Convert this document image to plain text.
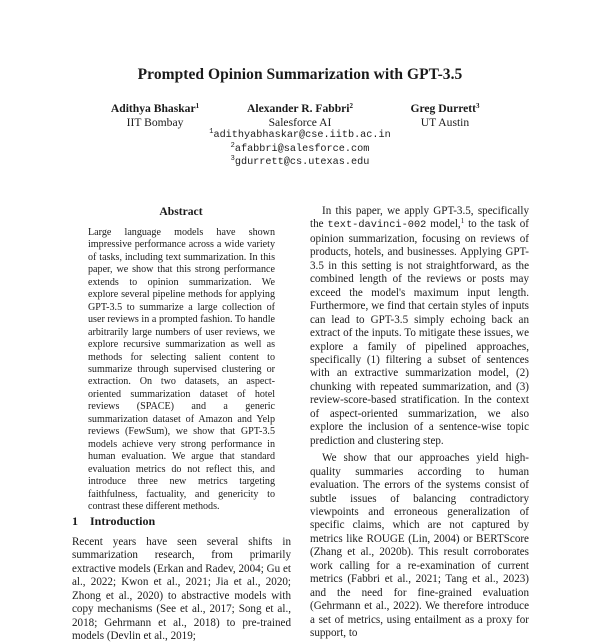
Prompted Opinion Summarization with GPT-3.5
Adithya Bhaskar$^1$
IIT Bombay
Alexander R. Fabbri$^2$
Salesforce AI
Greg Durrett$^3$
UT Austin
$^1$adithyabhaskar@cse.iitb.ac.in
$^2$afabbri@salesforce.com
$^3$gdurrett@cs.utexas.edu
Abstract
Large language models have shown impressive performance across a wide variety of tasks, including text summarization. In this paper, we show that this strong performance extends to opinion summarization. We explore several pipeline methods for applying GPT-3.5 to summarize a large collection of user reviews in a prompted fashion. To handle arbitrarily large numbers of user reviews, we explore recursive summarization as well as methods for selecting salient content to summarize through supervised clustering or extraction. On two datasets, an aspect-oriented summarization dataset of hotel reviews (SPACE) and a generic summarization dataset of Amazon and Yelp reviews (FewSum), we show that GPT-3.5 models achieve very strong performance in human evaluation. We argue that standard evaluation metrics do not reflect this, and introduce three new metrics targeting faithfulness, factuality, and genericity to contrast these different methods.
1 Introduction

Recent years have seen several shifts in summarization research, from primarily extractive models (Erkan and Radev, 2004; Gu et al., 2022; Kwon et al., 2021; Jia et al., 2020; Zhong et al., 2020) to abstractive models with copy mechanisms (See et al., 2017; Song et al., 2018; Gehrmann et al., 2018) to pre-trained models (Devlin et al., 2019;

In this paper, we apply GPT-3.5, specifically the text-davinci-002 model,$^1$ to the task of opinion summarization, focusing on reviews of products, hotels, and businesses. Applying GPT-3.5 in this setting is not straightforward, as the combined length of the reviews or posts may exceed the model's maximum input length. Furthermore, we find that certain styles of inputs can lead to GPT-3.5 simply echoing back an extract of the inputs. To mitigate these issues, we explore a family of pipelined approaches, specifically (1) filtering a subset of sentences with an extractive summarization model, (2) chunking with repeated summarization, and (3) review-score-based stratification. In the context of aspect-oriented summarization, we also explore the inclusion of a sentence-wise topic prediction and clustering step.

We show that our approaches yield high-quality summaries according to human evaluation. The errors of the systems consist of subtle issues of balancing contradictory viewpoints and erroneous generalization of specific claims, which are not captured by metrics like ROUGE (Lin, 2004) or BERTScore (Zhang et al., 2020b). This result corroborates work calling for a re-examination of current metrics (Fabbri et al., 2021; Tang et al., 2023) and the need for fine-grained evaluation (Gehrmann et al., 2022). We therefore introduce a set of metrics, using entailment as a proxy for support, to
